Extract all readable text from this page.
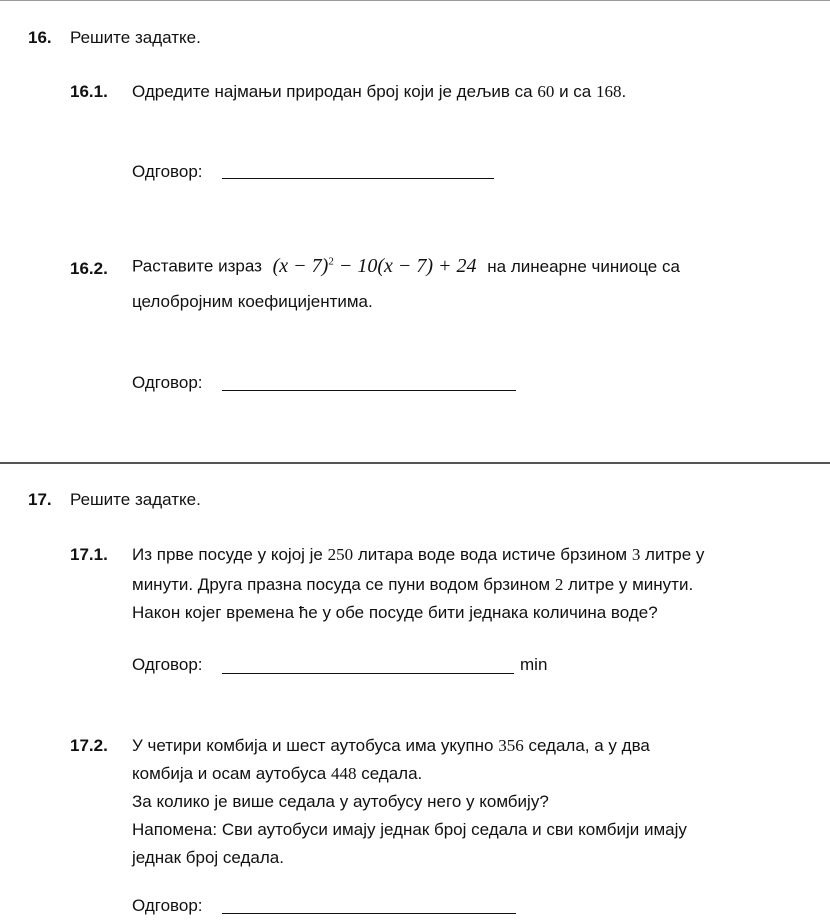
16. Решите задатке.
16.1. Одредите најмањи природан број који је дељив са 60 и са 168.
Одговор:
16.2. Раставите израз $(x - 7)^2 - 10(x - 7) + 24$ на линеарне чиниоце са
целобројним коефицијентима.
Одговор:
17. Решите задатке.
17.1. Из прве посуде у којој је 250 литара воде вода истиче брзином 3 литре у
минути. Друга празна посуда се пуни водом брзином 2 литре у минути.
Након којег времена ће у обе посуде бити једнака количина воде?
Одговор:	min
17.2. У четири комбија и шест аутобуса има укупно 356 седала, а у два
комбија и осам аутобуса 448 седала.
За колико је више седала у аутобусу него у комбију?
Напомена: Сви аутобуси имају једнак број седала и сви комбији имају
једнак број седала.
Одговор:
